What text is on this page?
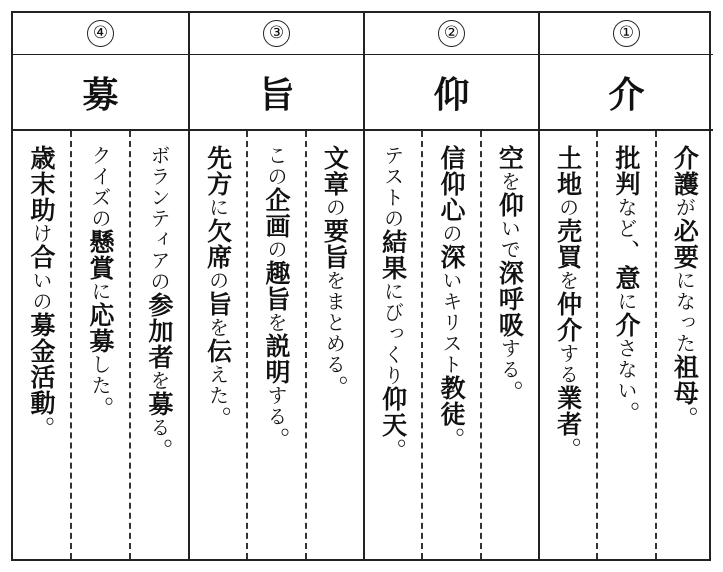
④
募
ボランティアの参加者を募る。
クイズの懸賞に応募した。
歳末助け合いの募金活動。
③
旨
文章の要旨をまとめる。
この企画の趣旨を説明する。
先方に欠席の旨を伝えた。
②
仰
空を仰いで深呼吸する。
信仰心の深いキリスト教徒。
テストの結果にびっくり仰天。
①
介
介護が必要になった祖母。
批判など、意に介さない。
土地の売買を仲介する業者。
